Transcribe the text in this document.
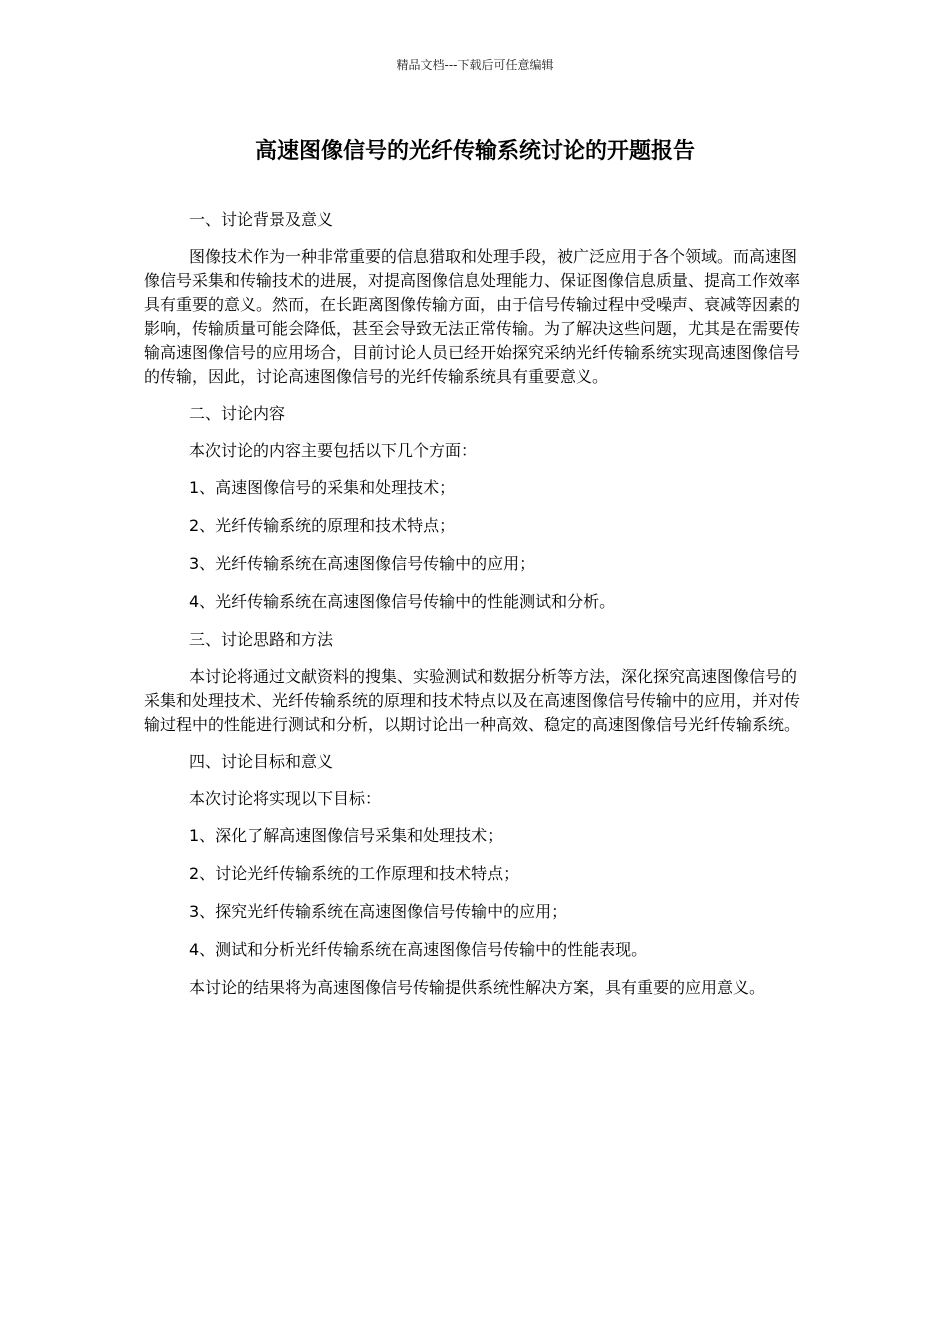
精品文档---下载后可任意编辑
高速图像信号的光纤传输系统讨论的开题报告

一、讨论背景及意义

图像技术作为一种非常重要的信息猎取和处理手段，被广泛应用于各个领域。而高速图像信号采集和传输技术的进展，对提高图像信息处理能力、保证图像信息质量、提高工作效率具有重要的意义。然而，在长距离图像传输方面，由于信号传输过程中受噪声、衰减等因素的影响，传输质量可能会降低，甚至会导致无法正常传输。为了解决这些问题，尤其是在需要传输高速图像信号的应用场合，目前讨论人员已经开始探究采纳光纤传输系统实现高速图像信号的传输，因此，讨论高速图像信号的光纤传输系统具有重要意义。

二、讨论内容

本次讨论的内容主要包括以下几个方面：

1、高速图像信号的采集和处理技术；

2、光纤传输系统的原理和技术特点；

3、光纤传输系统在高速图像信号传输中的应用；

4、光纤传输系统在高速图像信号传输中的性能测试和分析。

三、讨论思路和方法

本讨论将通过文献资料的搜集、实验测试和数据分析等方法，深化探究高速图像信号的采集和处理技术、光纤传输系统的原理和技术特点以及在高速图像信号传输中的应用，并对传输过程中的性能进行测试和分析，以期讨论出一种高效、稳定的高速图像信号光纤传输系统。

四、讨论目标和意义

本次讨论将实现以下目标：

1、深化了解高速图像信号采集和处理技术；

2、讨论光纤传输系统的工作原理和技术特点；

3、探究光纤传输系统在高速图像信号传输中的应用；

4、测试和分析光纤传输系统在高速图像信号传输中的性能表现。

本讨论的结果将为高速图像信号传输提供系统性解决方案，具有重要的应用意义。
